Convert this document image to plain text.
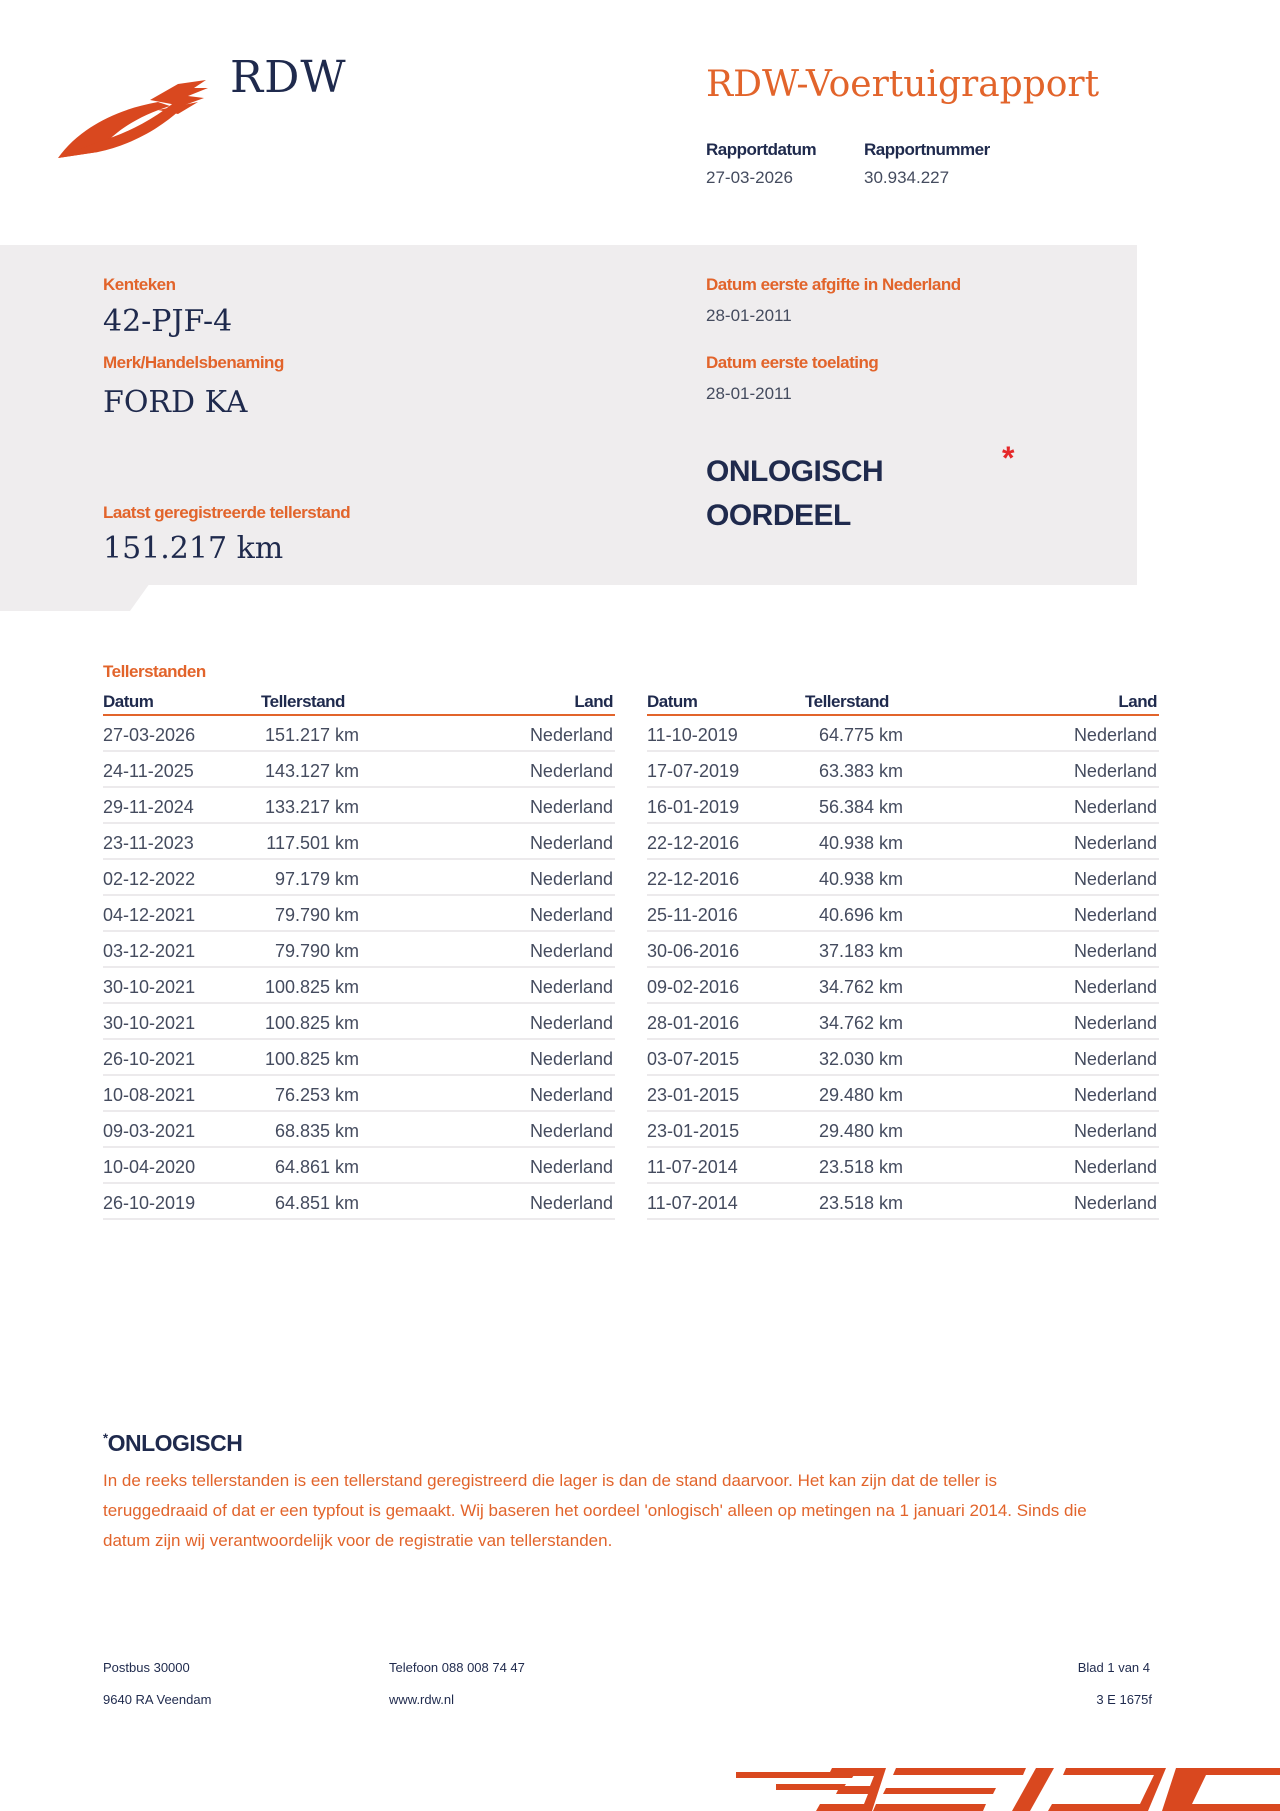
RDW	RDW-Voertuigrapport
Rapportdatum
27-03-2026
Rapportnummer
30.934.227
Kenteken
42-PJF-4
Merk/Handelsbenaming
FORD KA
Datum eerste afgifte in Nederland
28-01-2011
Datum eerste toelating
28-01-2011
ONLOGISCH
OORDEEL
*
Laatst geregistreerde tellerstand
151.217 km
Tellerstanden
Datum	Tellerstand	Land
27-03-2026	151.217 km	Nederland
24-11-2025	143.127 km	Nederland
29-11-2024	133.217 km	Nederland
23-11-2023	117.501 km	Nederland
02-12-2022	97.179 km	Nederland
04-12-2021	79.790 km	Nederland
03-12-2021	79.790 km	Nederland
30-10-2021	100.825 km	Nederland
30-10-2021	100.825 km	Nederland
26-10-2021	100.825 km	Nederland
10-08-2021	76.253 km	Nederland
09-03-2021	68.835 km	Nederland
10-04-2020	64.861 km	Nederland
26-10-2019	64.851 km	Nederland
Datum	Tellerstand	Land
11-10-2019	64.775 km	Nederland
17-07-2019	63.383 km	Nederland
16-01-2019	56.384 km	Nederland
22-12-2016	40.938 km	Nederland
22-12-2016	40.938 km	Nederland
25-11-2016	40.696 km	Nederland
30-06-2016	37.183 km	Nederland
09-02-2016	34.762 km	Nederland
28-01-2016	34.762 km	Nederland
03-07-2015	32.030 km	Nederland
23-01-2015	29.480 km	Nederland
23-01-2015	29.480 km	Nederland
11-07-2014	23.518 km	Nederland
11-07-2014	23.518 km	Nederland
*ONLOGISCH
In de reeks tellerstanden is een tellerstand geregistreerd die lager is dan de stand daarvoor. Het kan zijn dat de teller is teruggedraaid of dat er een typfout is gemaakt. Wij baseren het oordeel 'onlogisch' alleen op metingen na 1 januari 2014. Sinds die datum zijn wij verantwoordelijk voor de registratie van tellerstanden.
Postbus 30000
9640 RA Veendam
Telefoon 088 008 74 47
www.rdw.nl
Blad 1 van 4
3 E 1675f
